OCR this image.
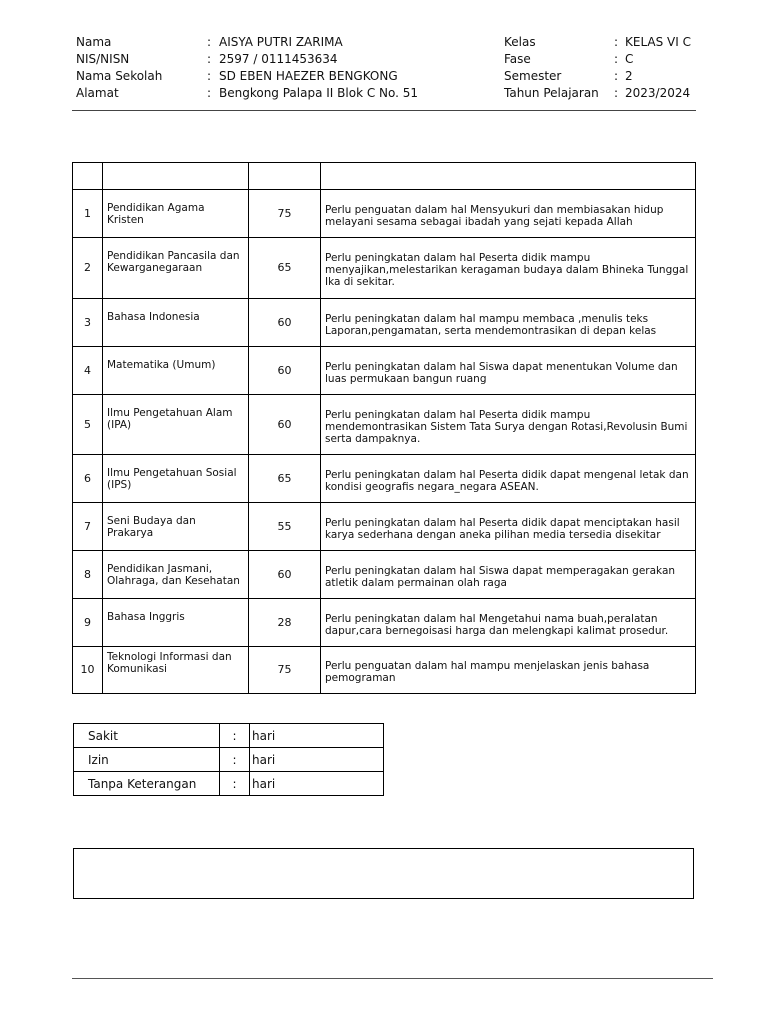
Nama	: AISYA PUTRI ZARIMA	Kelas	: KELAS VI C
NIS/NISN	: 2597 / 0111453634	Fase	: C
Nama Sekolah	: SD EBEN HAEZER BENGKONG	Semester	: 2
Alamat	: Bengkong Palapa II Blok C No. 51	Tahun Pelajaran : 2023/2024

1	Pendidikan Agama Kristen	75	Perlu penguatan dalam hal Mensyukuri dan membiasakan hidup melayani sesama sebagai ibadah yang sejati kepada Allah
2	Pendidikan Pancasila dan Kewarganegaraan	65	Perlu peningkatan dalam hal Peserta didik mampu menyajikan,melestarikan keragaman budaya dalam Bhineka Tunggal Ika di sekitar.
3	Bahasa Indonesia	60	Perlu peningkatan dalam hal mampu membaca ,menulis teks Laporan,pengamatan, serta mendemontrasikan di depan kelas
4	Matematika (Umum)	60	Perlu peningkatan dalam hal Siswa dapat menentukan Volume dan luas permukaan bangun ruang
5	Ilmu Pengetahuan Alam (IPA)	60	Perlu peningkatan dalam hal Peserta didik mampu mendemontrasikan Sistem Tata Surya dengan Rotasi,Revolusin Bumi serta dampaknya.
6	Ilmu Pengetahuan Sosial (IPS)	65	Perlu peningkatan dalam hal Peserta didik dapat mengenal letak dan kondisi geografis negara_negara ASEAN.
7	Seni Budaya dan Prakarya	55	Perlu peningkatan dalam hal Peserta didik dapat menciptakan hasil karya sederhana dengan aneka pilihan media tersedia disekitar
8	Pendidikan Jasmani, Olahraga, dan Kesehatan	60	Perlu peningkatan dalam hal Siswa dapat memperagakan gerakan atletik dalam permainan olah raga
9	Bahasa Inggris	28	Perlu peningkatan dalam hal Mengetahui nama buah,peralatan dapur,cara bernegoisasi harga dan melengkapi kalimat prosedur.
10	Teknologi Informasi dan Komunikasi	75	Perlu penguatan dalam hal mampu menjelaskan jenis bahasa pemograman
Sakit	:	hari
Izin	:	hari
Tanpa Keterangan	:	hari
